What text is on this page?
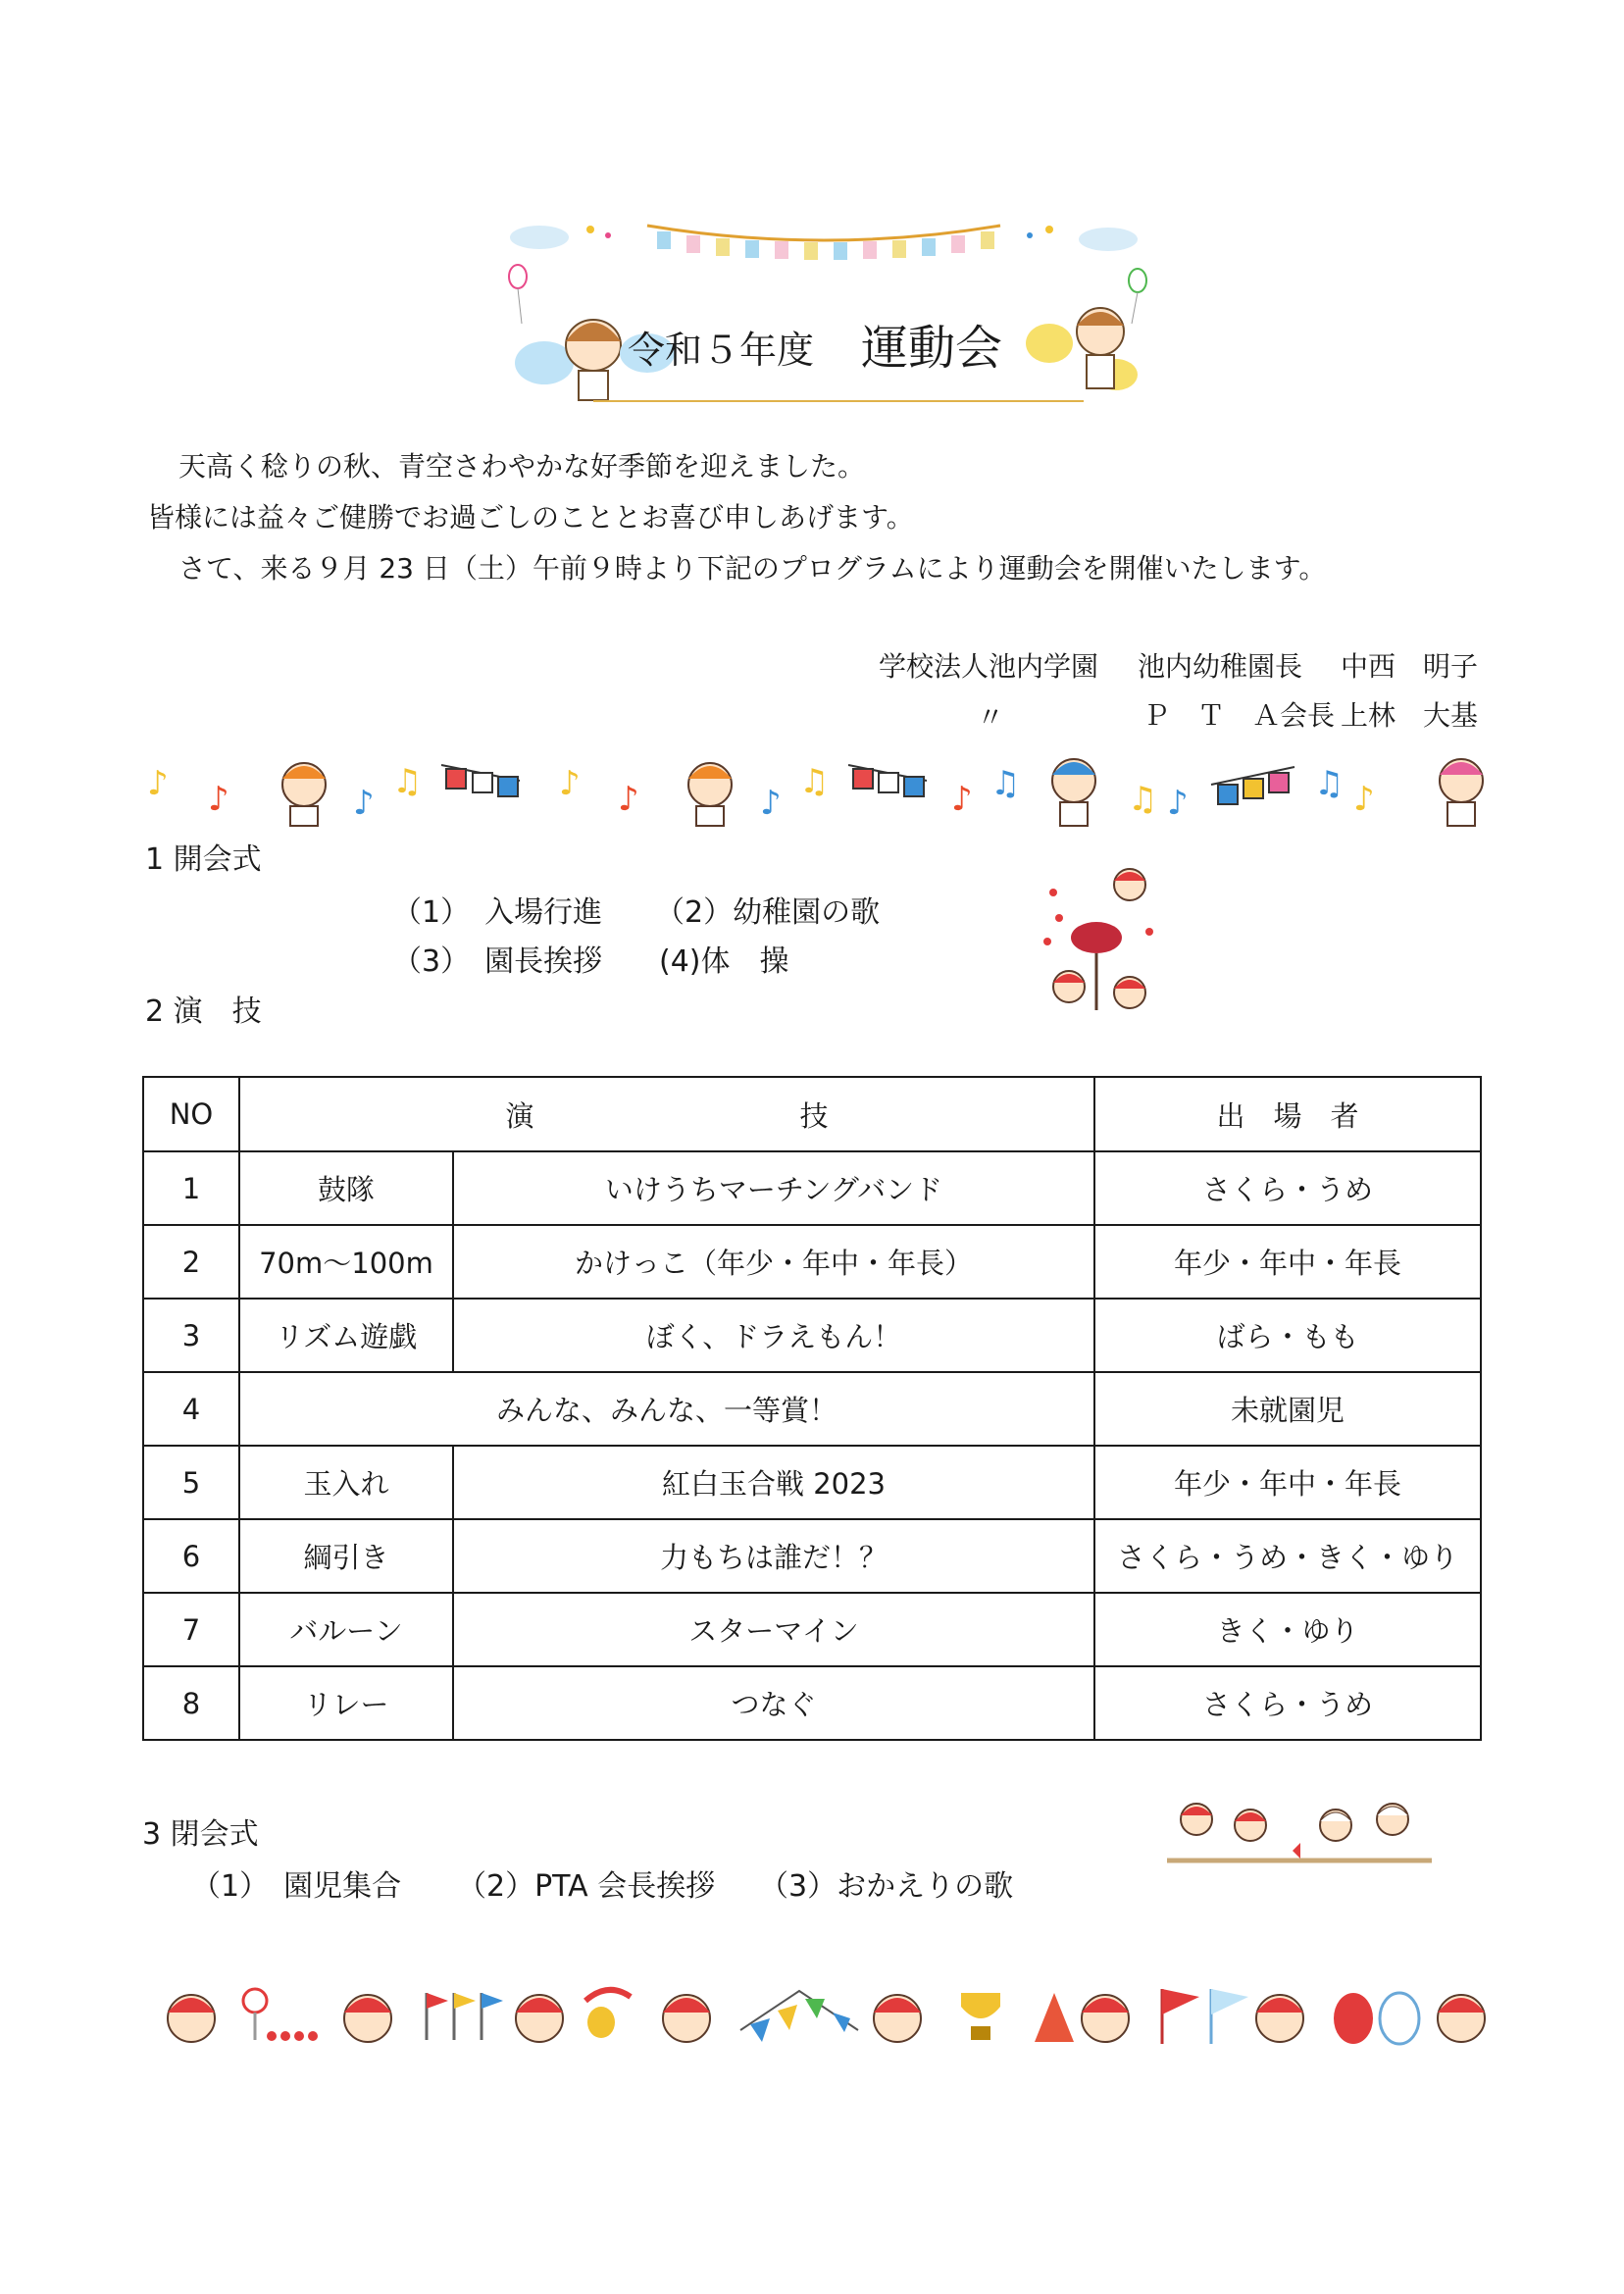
令和５年度 運動会
天高く稔りの秋、青空さわやかな好季節を迎えました。
皆様には益々ご健勝でお過ごしのこととお喜び申しあげます。
さて、来る９月 23 日（土）午前９時より下記のプログラムにより運動会を開催いたします。
学校法人池内学園 池内幼稚園長 中西　明子
〃	Ｐ　Ｔ　Ａ会長 上林　大基
♪ ♪	♪
♫	♪ ♪	♪
♫	♪ ♫	♫ ♪	♫ ♪
1 開会式
（1）　入場行進 （2）幼稚園の歌
（3）　園長挨拶 (4)体　操
2 演　技
NO	演 技		出　場　者
1	鼓隊	いけうちマーチングバンド	さくら・うめ
2	70m～100m	かけっこ（年少・年中・年長）	年少・年中・年長
3	リズム遊戯	ぼく、ドラえもん！	ばら・もも
4	みんな、みんな、一等賞！		未就園児
5	玉入れ	紅白玉合戦 2023	年少・年中・年長
6	綱引き	力もちは誰だ！？	さくら・うめ・きく・ゆり
7	バルーン	スターマイン	きく・ゆり
8	リレー	つなぐ	さくら・うめ
3 閉会式
（1）　園児集合 （2）PTA 会長挨拶 （3）おかえりの歌
